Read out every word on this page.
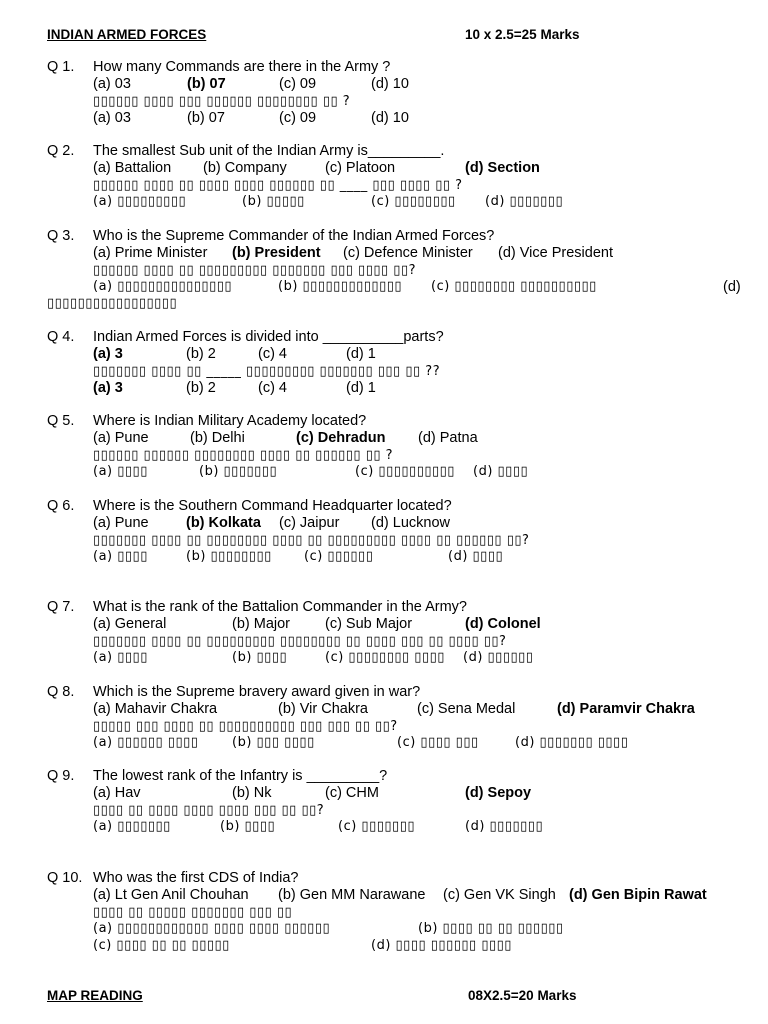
INDIAN ARMED FORCES	10 x 2.5=25 Marks
Q 1. How many Commands are there in the Army ?
(a) 03	(b) 07	(c) 09	(d) 10
▯▯▯▯▯▯ ▯▯▯▯ ▯▯▯ ▯▯▯▯▯▯ ▯▯▯▯▯▯▯▯ ▯▯ ?
(a) 03	(b) 07	(c) 09	(d) 10
Q 2. The smallest Sub unit of the Indian Army is_________.
(a) Battalion (b) Company	(c) Platoon	(d) Section
▯▯▯▯▯▯ ▯▯▯▯ ▯▯ ▯▯▯▯ ▯▯▯▯ ▯▯▯▯▯▯ ▯▯ ____ ▯▯▯ ▯▯▯▯ ▯▯ ?
(a) ▯▯▯▯▯▯▯▯▯	(b) ▯▯▯▯▯	(c) ▯▯▯▯▯▯▯▯ (d) ▯▯▯▯▯▯▯
Q 3. Who is the Supreme Commander of the Indian Armed Forces?
(a) Prime Minister (b) President (c) Defence Minister (d) Vice President
▯▯▯▯▯▯ ▯▯▯▯ ▯▯ ▯▯▯▯▯▯▯▯▯ ▯▯▯▯▯▯▯ ▯▯▯ ▯▯▯▯ ▯▯?
(a) ▯▯▯▯▯▯▯▯▯▯▯▯▯▯▯	(b) ▯▯▯▯▯▯▯▯▯▯▯▯▯ (c) ▯▯▯▯▯▯▯▯ ▯▯▯▯▯▯▯▯▯▯	(d)
▯▯▯▯▯▯▯▯▯▯▯▯▯▯▯▯▯
Q 4. Indian Armed Forces is divided into __________parts?
(a) 3	(b) 2	(c) 4	(d) 1
▯▯▯▯▯▯▯ ▯▯▯▯ ▯▯ _____ ▯▯▯▯▯▯▯▯▯ ▯▯▯▯▯▯▯ ▯▯▯ ▯▯ ??
(a) 3	(b) 2	(c) 4	(d) 1
Q 5. Where is Indian Military Academy located?
(a) Pune	(b) Delhi	(c) Dehradun (d) Patna
▯▯▯▯▯▯ ▯▯▯▯▯▯ ▯▯▯▯▯▯▯▯ ▯▯▯▯ ▯▯ ▯▯▯▯▯▯ ▯▯ ?
(a) ▯▯▯▯	(b) ▯▯▯▯▯▯▯	(c) ▯▯▯▯▯▯▯▯▯▯ (d) ▯▯▯▯
Q 6. Where is the Southern Command Headquarter located?
(a) Pune	(b) Kolkata (c) Jaipur (d) Lucknow
▯▯▯▯▯▯▯ ▯▯▯▯ ▯▯ ▯▯▯▯▯▯▯▯ ▯▯▯▯ ▯▯ ▯▯▯▯▯▯▯▯▯ ▯▯▯▯ ▯▯ ▯▯▯▯▯▯ ▯▯?
(a) ▯▯▯▯	(b) ▯▯▯▯▯▯▯▯ (c) ▯▯▯▯▯▯	(d) ▯▯▯▯
Q 7. What is the rank of the Battalion Commander in the Army?
(a) General	(b) Major (c) Sub Major	(d) Colonel
▯▯▯▯▯▯▯ ▯▯▯▯ ▯▯ ▯▯▯▯▯▯▯▯▯ ▯▯▯▯▯▯▯▯ ▯▯ ▯▯▯▯ ▯▯▯ ▯▯ ▯▯▯▯ ▯▯?
(a) ▯▯▯▯	(b) ▯▯▯▯	(c) ▯▯▯▯▯▯▯▯ ▯▯▯▯ (d) ▯▯▯▯▯▯
Q 8. Which is the Supreme bravery award given in war?
(a) Mahavir Chakra	(b) Vir Chakra	(c) Sena Medal	(d) Paramvir Chakra
▯▯▯▯▯ ▯▯▯ ▯▯▯▯ ▯▯ ▯▯▯▯▯▯▯▯▯▯ ▯▯▯ ▯▯▯ ▯▯ ▯▯?
(a) ▯▯▯▯▯▯ ▯▯▯▯	(b) ▯▯▯ ▯▯▯▯	(c) ▯▯▯▯ ▯▯▯	(d) ▯▯▯▯▯▯▯ ▯▯▯▯
Q 9. The lowest rank of the Infantry is _________?
(a) Hav	(b) Nk	(c) CHM	(d) Sepoy
▯▯▯▯ ▯▯ ▯▯▯▯ ▯▯▯▯ ▯▯▯▯ ▯▯▯ ▯▯ ▯▯?
(a) ▯▯▯▯▯▯▯	(b) ▯▯▯▯	(c) ▯▯▯▯▯▯▯	(d) ▯▯▯▯▯▯▯
Q 10. Who was the first CDS of India?
(a) Lt Gen Anil Chouhan (b) Gen MM Narawane (c) Gen VK Singh (d) Gen Bipin Rawat
▯▯▯▯ ▯▯ ▯▯▯▯▯ ▯▯▯▯▯▯▯ ▯▯▯ ▯▯
(a) ▯▯▯▯▯▯▯▯▯▯▯▯ ▯▯▯▯ ▯▯▯▯ ▯▯▯▯▯▯	(b) ▯▯▯▯ ▯▯ ▯▯ ▯▯▯▯▯▯
(c) ▯▯▯▯ ▯▯ ▯▯ ▯▯▯▯▯	(d) ▯▯▯▯ ▯▯▯▯▯▯ ▯▯▯▯
MAP READING	08X2.5=20 Marks
